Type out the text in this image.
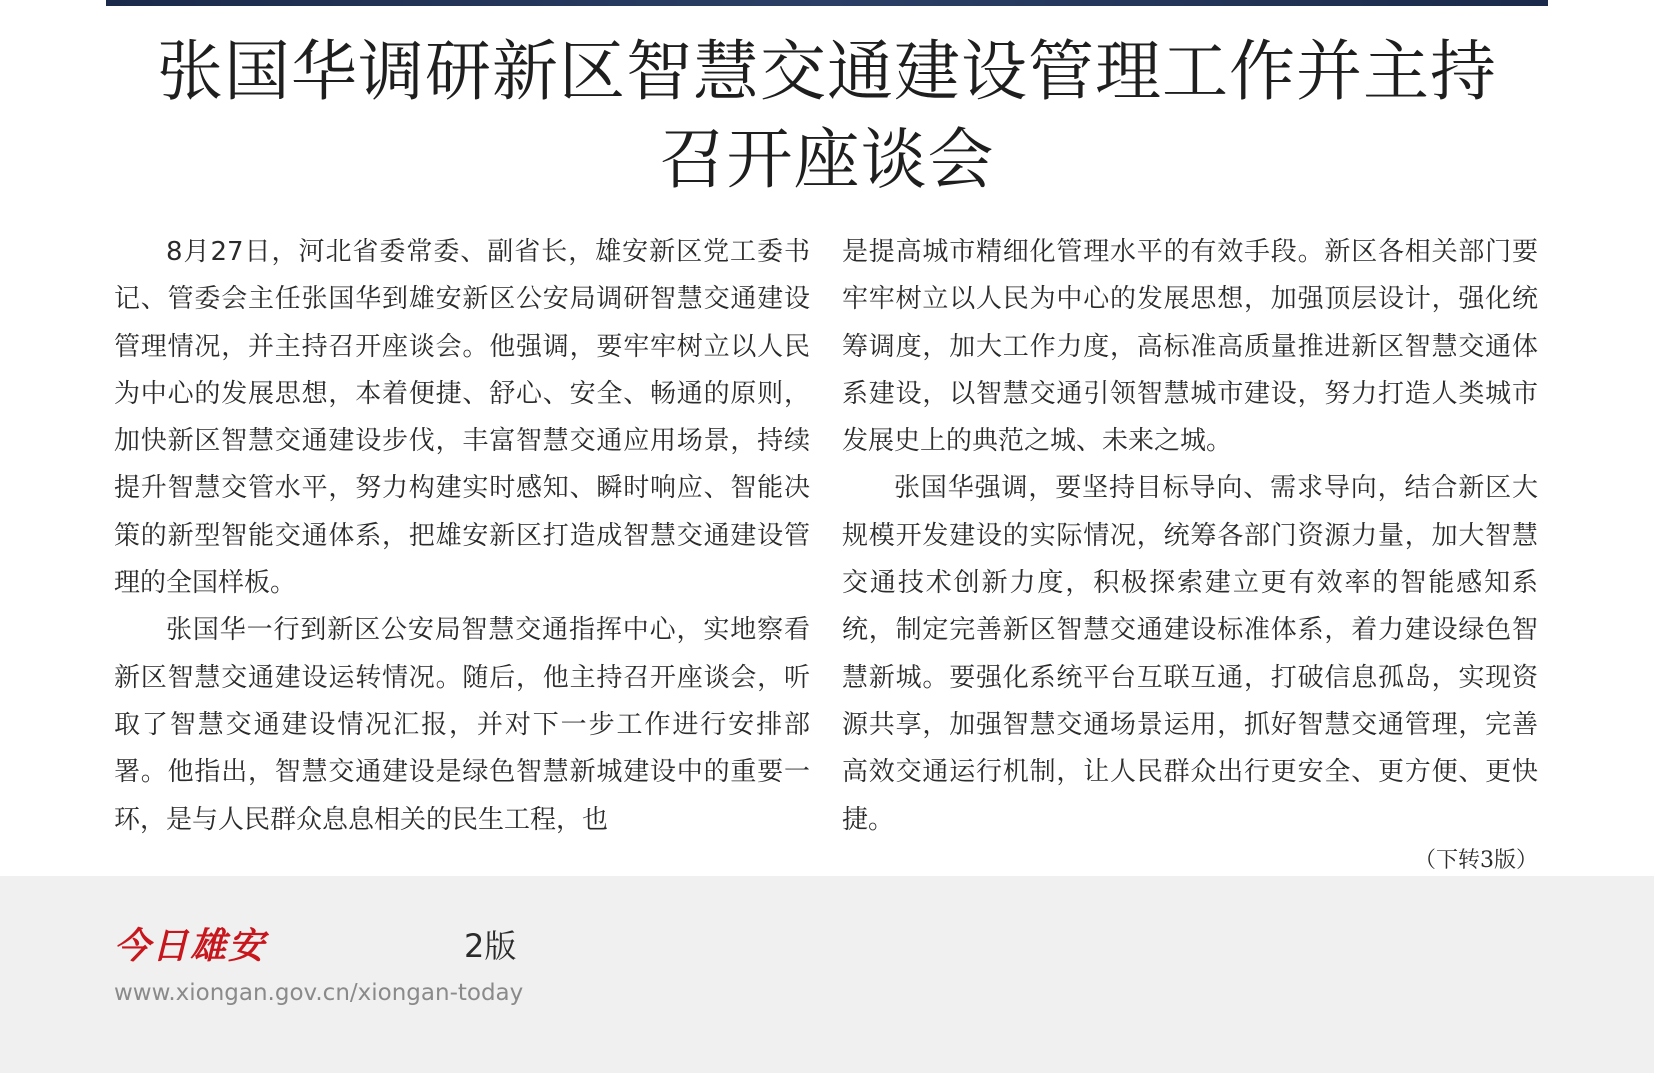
张国华调研新区智慧交通建设管理工作并主持
召开座谈会

8月27日，河北省委常委、副省长，雄安新区党工委书记、管委会主任张国华到雄安新区公安局调研智慧交通建设管理情况，并主持召开座谈会。他强调，要牢牢树立以人民为中心的发展思想，本着便捷、舒心、安全、畅通的原则，加快新区智慧交通建设步伐，丰富智慧交通应用场景，持续提升智慧交管水平，努力构建实时感知、瞬时响应、智能决策的新型智能交通体系，把雄安新区打造成智慧交通建设管理的全国样板。

张国华一行到新区公安局智慧交通指挥中心，实地察看新区智慧交通建设运转情况。随后，他主持召开座谈会，听取了智慧交通建设情况汇报，并对下一步工作进行安排部署。他指出，智慧交通建设是绿色智慧新城建设中的重要一环，是与人民群众息息相关的民生工程，也

是提高城市精细化管理水平的有效手段。新区各相关部门要牢牢树立以人民为中心的发展思想，加强顶层设计，强化统筹调度，加大工作力度，高标准高质量推进新区智慧交通体系建设，以智慧交通引领智慧城市建设，努力打造人类城市发展史上的典范之城、未来之城。

张国华强调，要坚持目标导向、需求导向，结合新区大规模开发建设的实际情况，统筹各部门资源力量，加大智慧交通技术创新力度，积极探索建立更有效率的智能感知系统，制定完善新区智慧交通建设标准体系，着力建设绿色智慧新城。要强化系统平台互联互通，打破信息孤岛，实现资源共享，加强智慧交通场景运用，抓好智慧交通管理，完善高效交通运行机制，让人民群众出行更安全、更方便、更快捷。

（下转3版）
今日雄安	2版
www.xiongan.gov.cn/xiongan-today
